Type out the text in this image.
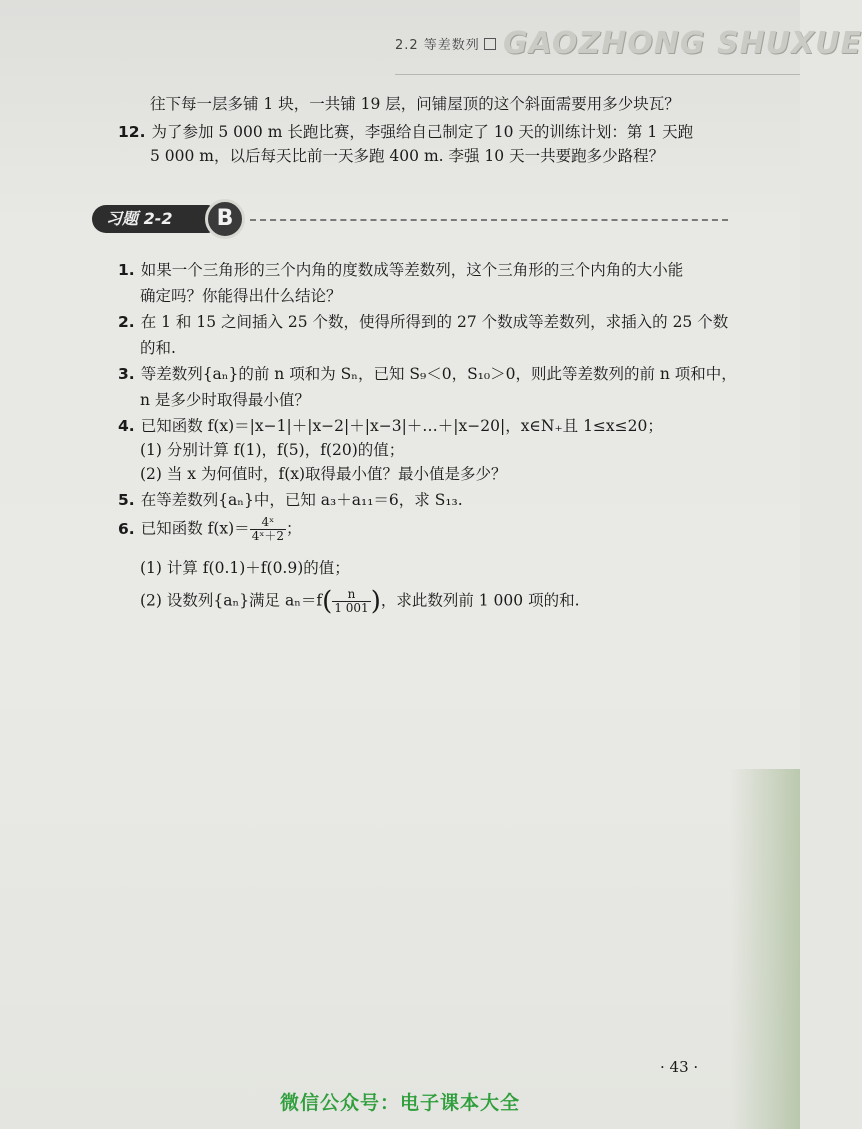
2.2 等差数列 GAOZHONG SHUXUE
往下每一层多铺 1 块，一共铺 19 层，问铺屋顶的这个斜面需要用多少块瓦？
12. 为了参加 5 000 m 长跑比赛，李强给自己制定了 10 天的训练计划：第 1 天跑
5 000 m，以后每天比前一天多跑 400 m. 李强 10 天一共要跑多少路程？
习题 2-2	B
1. 如果一个三角形的三个内角的度数成等差数列，这个三角形的三个内角的大小能
确定吗？你能得出什么结论？
2. 在 1 和 15 之间插入 25 个数，使得所得到的 27 个数成等差数列，求插入的 25 个数
的和.
3. 等差数列{aₙ}的前 n 项和为 Sₙ，已知 S₉＜0，S₁₀＞0，则此等差数列的前 n 项和中，
n 是多少时取得最小值？
4. 已知函数 f(x)＝|x−1|＋|x−2|＋|x−3|＋…＋|x−20|，x∈N₊且 1≤x≤20；
(1) 分别计算 f(1)，f(5)，f(20)的值；
(2) 当 x 为何值时，f(x)取得最小值？最小值是多少？
5. 在等差数列{aₙ}中，已知 a₃＋a₁₁＝6，求 S₁₃.
6. 已知函数 $f(x)= \frac{\text{4ˣ}}{\text{4ˣ＋2}}$ ；
(1) 计算 f(0.1)＋f(0.9)的值；
(2) 设数列{aₙ}满足 $a_n=f( \frac{n}{1 001}$ )，求此数列前 1 000 项的和.
· 43 ·
微信公众号：电子课本大全
